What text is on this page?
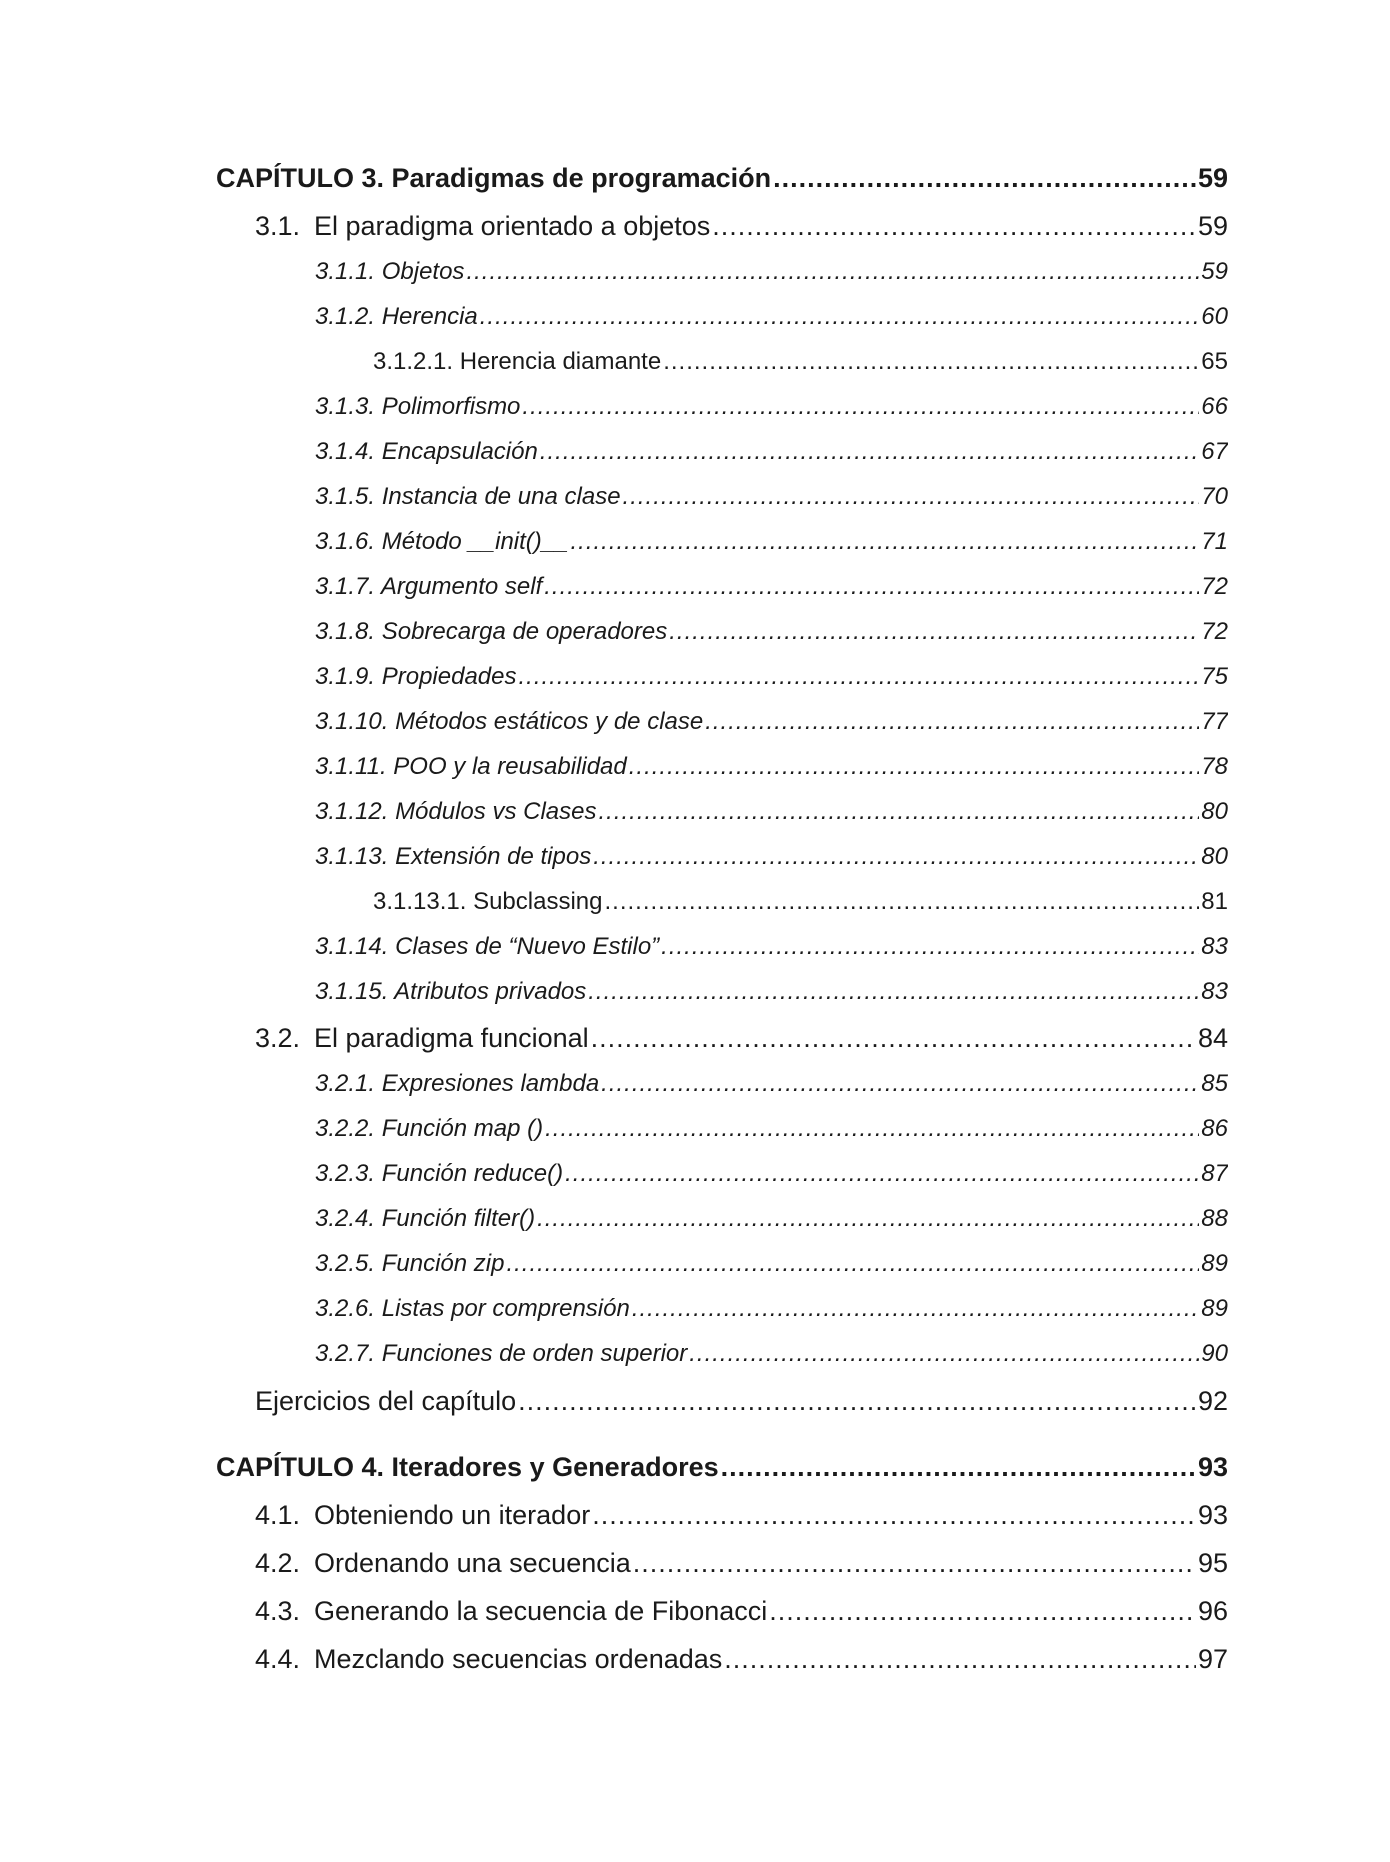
CAPÍTULO 3. Paradigmas de programación .....	59
3.1. El paradigma orientado a objetos .....	59
3.1.1. Objetos .....	59
3.1.2. Herencia .....	60
3.1.2.1. Herencia diamante .....	65
3.1.3. Polimorfismo .....	66
3.1.4. Encapsulación .....	67
3.1.5. Instancia de una clase .....	70
3.1.6. Método __init()__ .....	71
3.1.7. Argumento self .....	72
3.1.8. Sobrecarga de operadores .....	72
3.1.9. Propiedades .....	75
3.1.10. Métodos estáticos y de clase .....	77
3.1.11. POO y la reusabilidad .....	78
3.1.12. Módulos vs Clases .....	80
3.1.13. Extensión de tipos .....	80
3.1.13.1. Subclassing .....	81
3.1.14. Clases de “Nuevo Estilo” .....	83
3.1.15. Atributos privados .....	83
3.2. El paradigma funcional .....	84
3.2.1. Expresiones lambda .....	85
3.2.2. Función map () .....	86
3.2.3. Función reduce() .....	87
3.2.4. Función filter() .....	88
3.2.5. Función zip .....	89
3.2.6. Listas por comprensión .....	89
3.2.7. Funciones de orden superior .....	90
Ejercicios del capítulo .....	92
CAPÍTULO 4. Iteradores y Generadores .....	93
4.1. Obteniendo un iterador .....	93
4.2. Ordenando una secuencia .....	95
4.3. Generando la secuencia de Fibonacci .....	96
4.4. Mezclando secuencias ordenadas .....	97
